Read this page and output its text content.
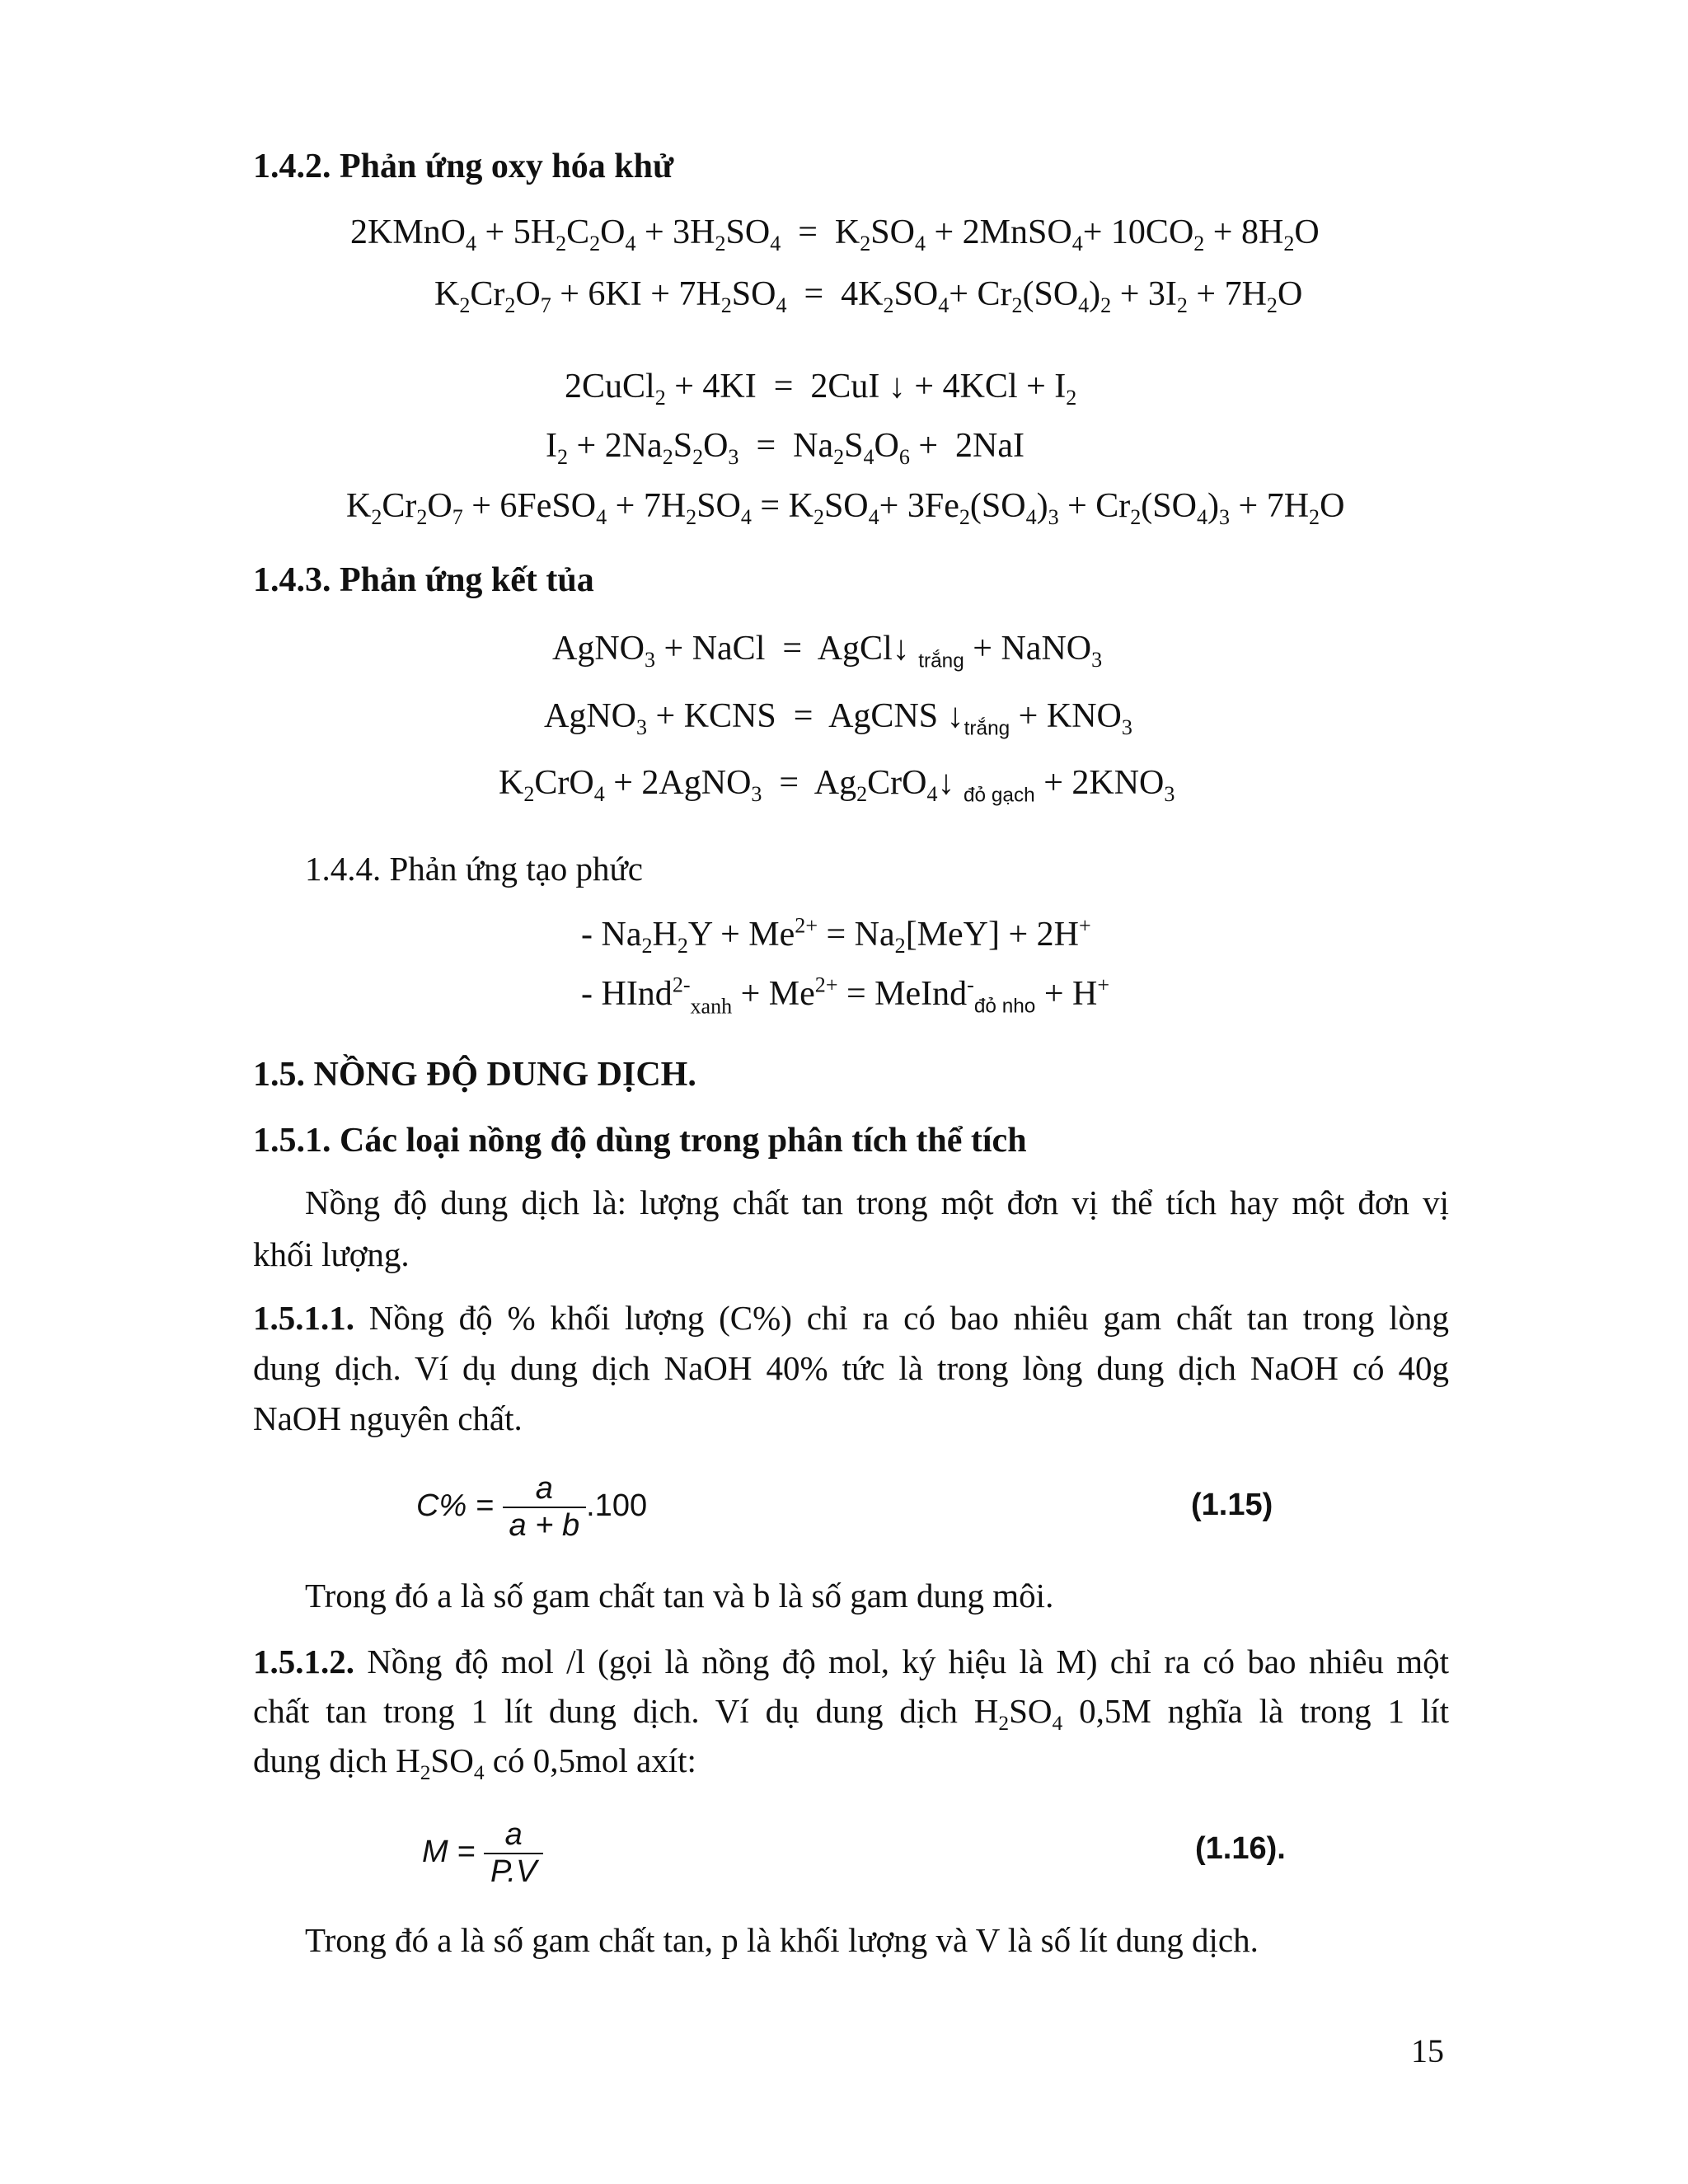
1.4.2. Phản ứng oxy hóa khử
2KMnO$_4$ + $5H_2C_2O_4 + 3H_2SO_4 = K_2SO_4$ + 2MnSO$_4$+ $10CO_2 + 8H_2O$
$K_2Cr_2O_7 + 6KI + 7H_2SO_4 = 4K_2SO_4+ Cr_2(SO_4)_2 + 3I_2 + 7H_2O$
2CuCl$_2$ + 4KI  =  2CuI ↓ + $4KCl + I_2$
$I_2 + 2Na_2S_2O_3 = Na_2S_4O_6 + 2NaI$
$K_2Cr_2O_7$ + 6FeSO$_4$ + $7H_2SO_4 = K_2SO_4+ 3Fe_2(SO_4)_3 + Cr_2(SO_4)_3 + 7H_2O$
1.4.3. Phản ứng kết tủa
AgNO$_3$ + NaCl  =  AgCl↓ $_{trắng}$ + NaNO$_3$
AgNO$_3$ + KCNS  =  AgCNS $↓_{trắng} + KNO_3$
$K_2CrO_4$ + 2AgNO$_3$  =  $Ag_2CrO_4↓$ $_{đỏ gạch} + 2KNO_3$
1.4.4. Phản ứng tạo phức
- $Na_2H_2Y + Me^{2+} = Na_2[MeY] + 2H^+$
- HInd$^{2-}_{xanh}$ + $Me^{2+}$ = MeInd-$_{đỏ nho}$ + H+
1.5. NỒNG ĐỘ DUNG DỊCH.
1.5.1. Các loại nồng độ dùng trong phân tích thể tích
Nồng độ dung dịch là: lượng chất tan trong một đơn vị thể tích hay một đơn vị
khối lượng.
1.5.1.1. Nồng độ % khối lượng (C%) chỉ ra có bao nhiêu gam chất tan trong lòng
dung dịch. Ví dụ dung dịch NaOH 40% tức là trong lòng dung dịch NaOH có 40g
NaOH nguyên chất.
$C\% = \frac{a}{a + b} .100$	(1.15)
Trong đó a là số gam chất tan và b là số gam dung môi.
1.5.1.2. Nồng độ mol /l (gọi là nồng độ mol, ký hiệu là M) chỉ ra có bao nhiêu một
chất tan trong 1 lít dung dịch. Ví dụ dung dịch $H_2SO_4$ 0,5M nghĩa là trong 1 lít
dung dịch $H_2SO_4$ có 0,5mol axít:
$M = \frac{a}{P.V}$	(1.16).
Trong đó a là số gam chất tan, p là khối lượng và V là số lít dung dịch.
15
